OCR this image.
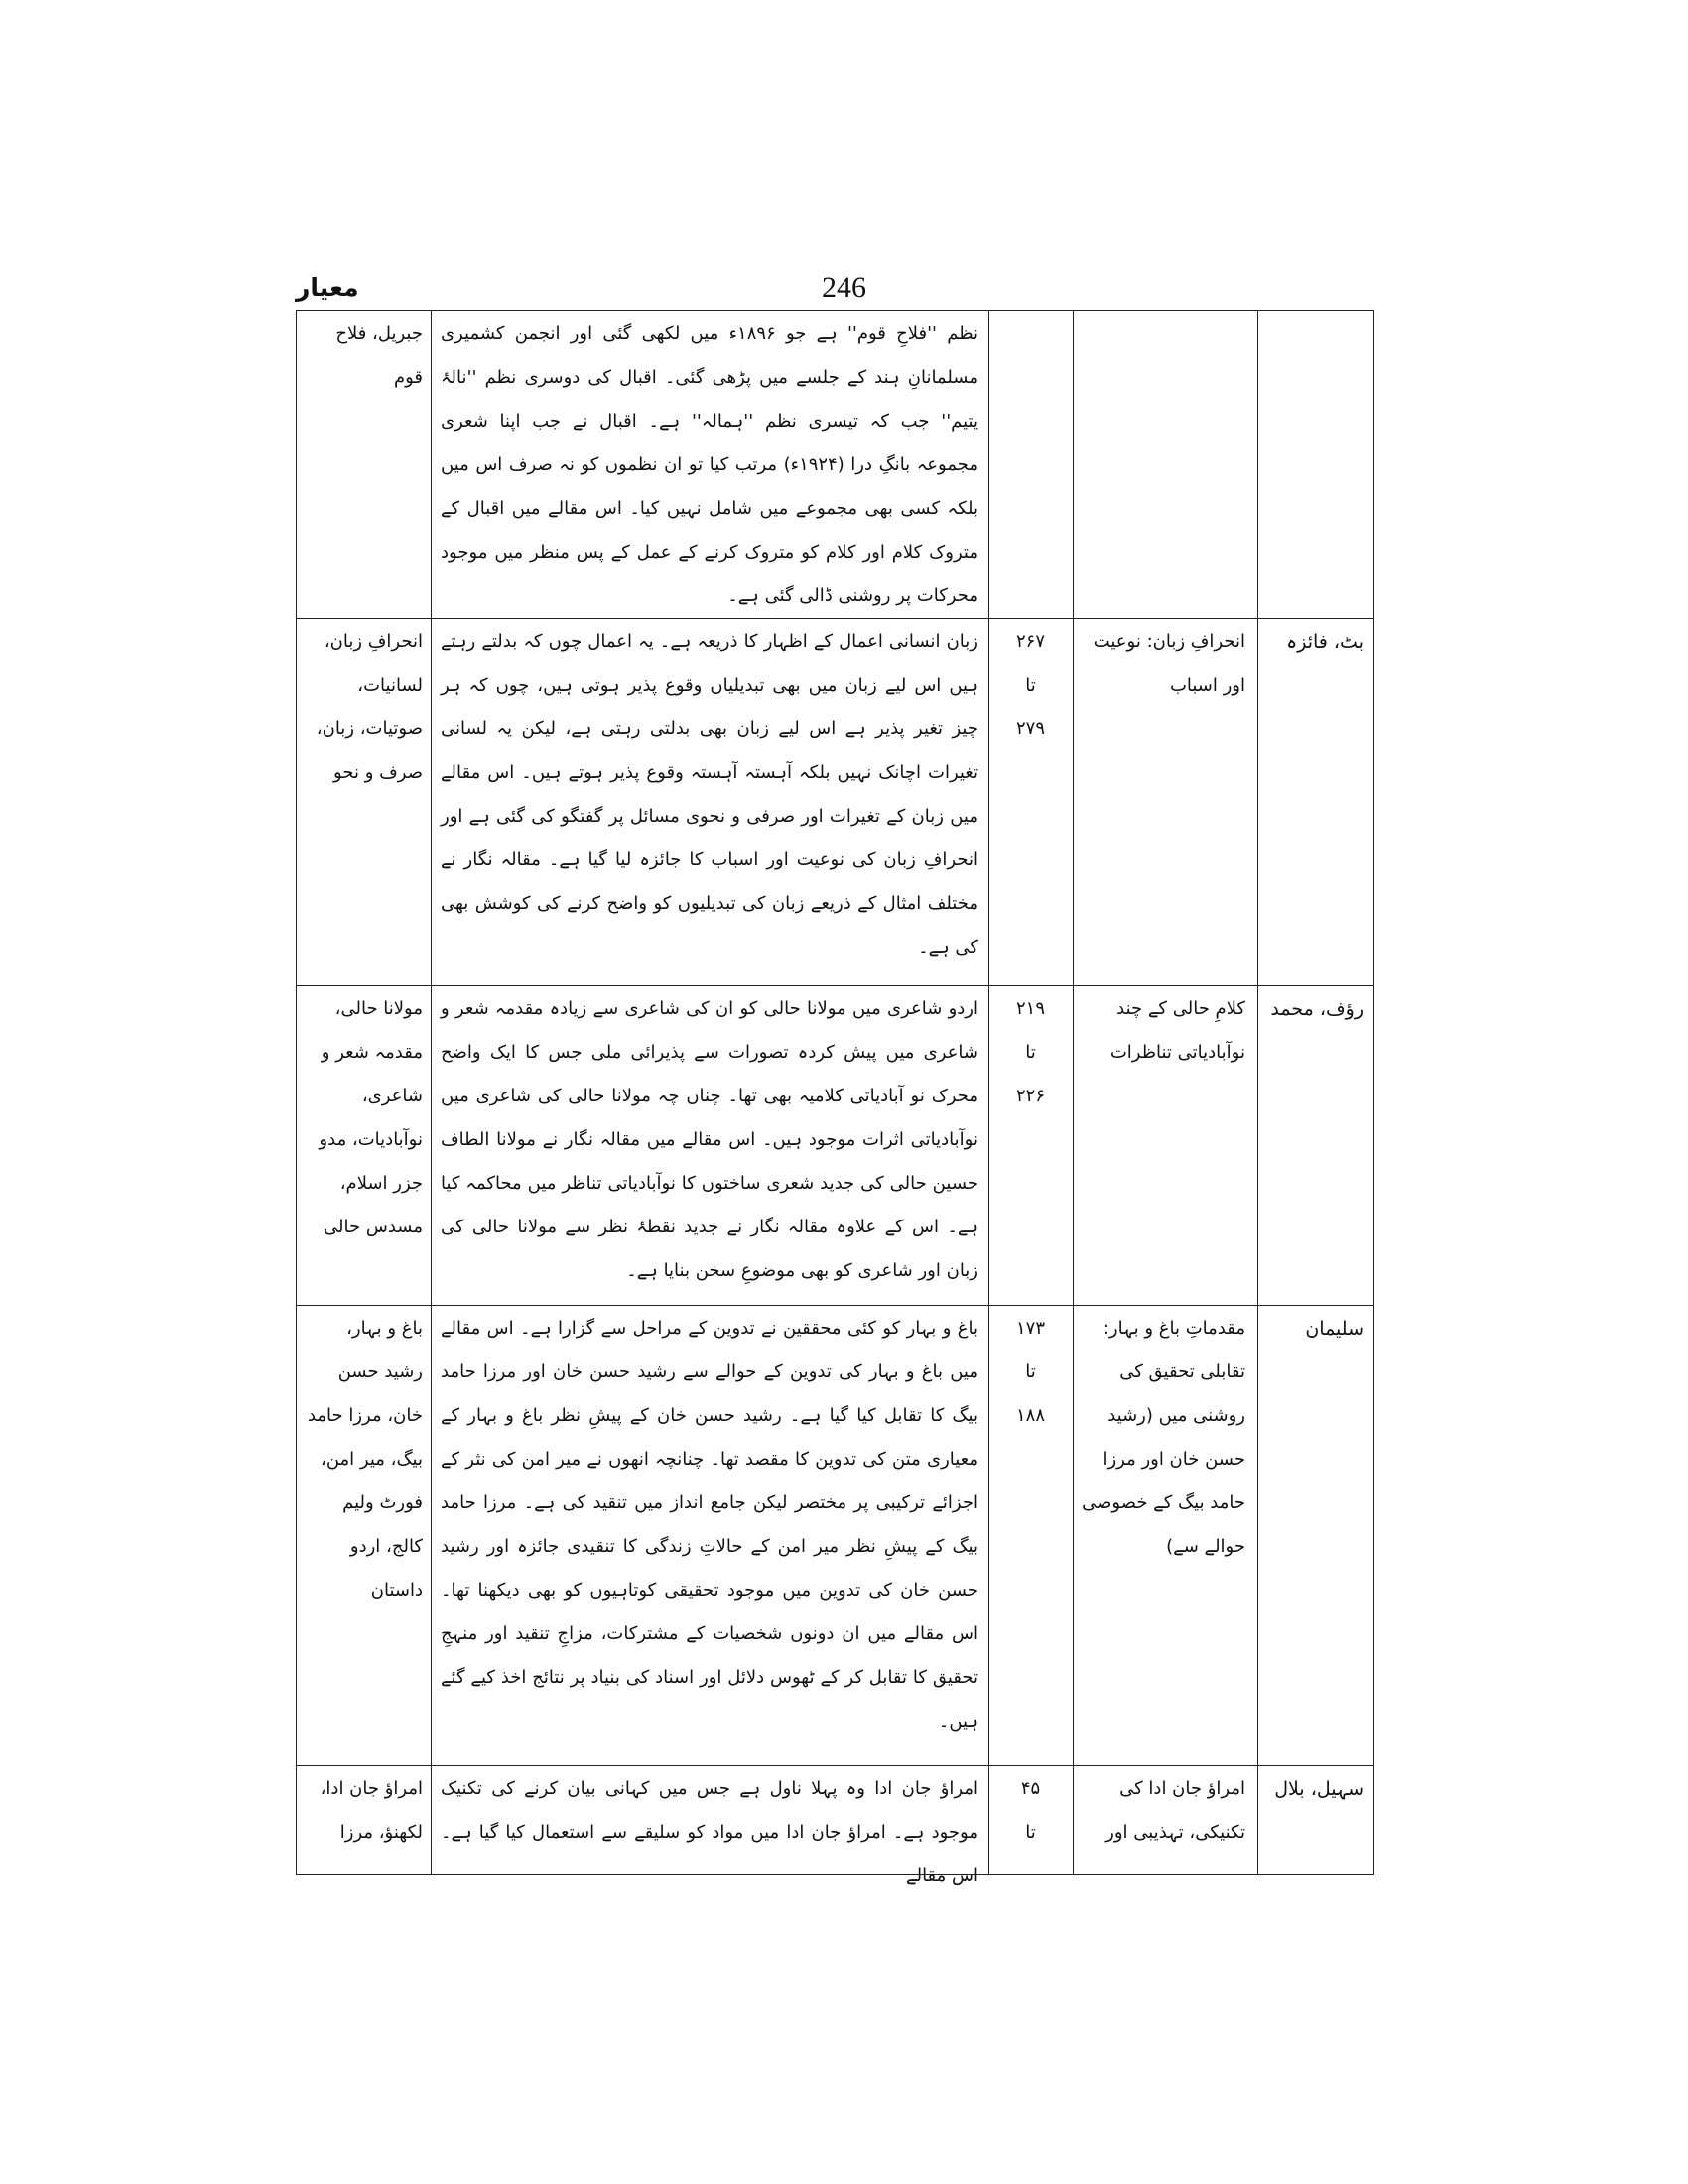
246
معیار
جبریل، فلاح قوم
نظم ''فلاحِ قوم'' ہے جو ۱۸۹۶ء میں لکھی گئی اور انجمن کشمیری مسلمانانِ ہند کے جلسے میں پڑھی گئی۔ اقبال کی دوسری نظم ''نالۂ یتیم'' جب کہ تیسری نظم ''ہمالہ'' ہے۔ اقبال نے جب اپنا شعری مجموعہ بانگِ درا (۱۹۲۴ء) مرتب کیا تو ان نظموں کو نہ صرف اس میں بلکہ کسی بھی مجموعے میں شامل نہیں کیا۔ اس مقالے میں اقبال کے متروک کلام اور کلام کو متروک کرنے کے عمل کے پس منظر میں موجود محرکات پر روشنی ڈالی گئی ہے۔
انحرافِ زبان، لسانیات، صوتیات، زبان، صرف و نحو
زبان انسانی اعمال کے اظہار کا ذریعہ ہے۔ یہ اعمال چوں کہ بدلتے رہتے ہیں اس لیے زبان میں بھی تبدیلیاں وقوع پذیر ہوتی ہیں، چوں کہ ہر چیز تغیر پذیر ہے اس لیے زبان بھی بدلتی رہتی ہے، لیکن یہ لسانی تغیرات اچانک نہیں بلکہ آہستہ آہستہ وقوع پذیر ہوتے ہیں۔ اس مقالے میں زبان کے تغیرات اور صرفی و نحوی مسائل پر گفتگو کی گئی ہے اور انحرافِ زبان کی نوعیت اور اسباب کا جائزہ لیا گیا ہے۔ مقالہ نگار نے مختلف امثال کے ذریعے زبان کی تبدیلیوں کو واضح کرنے کی کوشش بھی کی ہے۔
۲۶۷
تا
۲۷۹
انحرافِ زبان: نوعیت اور اسباب
بٹ، فائزہ
مولانا حالی، مقدمہ شعر و شاعری، نوآبادیات، مدو جزر اسلام، مسدس حالی
اردو شاعری میں مولانا حالی کو ان کی شاعری سے زیادہ مقدمہ شعر و شاعری میں پیش کردہ تصورات سے پذیرائی ملی جس کا ایک واضح محرک نو آبادیاتی کلامیہ بھی تھا۔ چناں چہ مولانا حالی کی شاعری میں نوآبادیاتی اثرات موجود ہیں۔ اس مقالے میں مقالہ نگار نے مولانا الطاف حسین حالی کی جدید شعری ساختوں کا نوآبادیاتی تناظر میں محاکمہ کیا ہے۔ اس کے علاوہ مقالہ نگار نے جدید نقطۂ نظر سے مولانا حالی کی زبان اور شاعری کو بھی موضوعِ سخن بنایا ہے۔
۲۱۹
تا
۲۲۶
کلامِ حالی کے چند نوآبادیاتی تناظرات
رؤف، محمد
باغ و بہار، رشید حسن خان، مرزا حامد بیگ، میر امن، فورٹ ولیم کالج، اردو داستان
باغ و بہار کو کئی محققین نے تدوین کے مراحل سے گزارا ہے۔ اس مقالے میں باغ و بہار کی تدوین کے حوالے سے رشید حسن خان اور مرزا حامد بیگ کا تقابل کیا گیا ہے۔ رشید حسن خان کے پیشِ نظر باغ و بہار کے معیاری متن کی تدوین کا مقصد تھا۔ چنانچہ انھوں نے میر امن کی نثر کے اجزائے ترکیبی پر مختصر لیکن جامع انداز میں تنقید کی ہے۔ مرزا حامد بیگ کے پیشِ نظر میر امن کے حالاتِ زندگی کا تنقیدی جائزہ اور رشید حسن خان کی تدوین میں موجود تحقیقی کوتاہیوں کو بھی دیکھنا تھا۔ اس مقالے میں ان دونوں شخصیات کے مشترکات، مزاجِ تنقید اور منہجِ تحقیق کا تقابل کر کے ٹھوس دلائل اور اسناد کی بنیاد پر نتائج اخذ کیے گئے ہیں۔
۱۷۳
تا
۱۸۸
مقدماتِ باغ و بہار: تقابلی تحقیق کی روشنی میں (رشید حسن خان اور مرزا حامد بیگ کے خصوصی حوالے سے)
سلیمان
امراؤ جان ادا، لکھنؤ، مرزا
امراؤ جان ادا وہ پہلا ناول ہے جس میں کہانی بیان کرنے کی تکنیک موجود ہے۔ امراؤ جان ادا میں مواد کو سلیقے سے استعمال کیا گیا ہے۔ اس مقالے
۴۵
تا
امراؤ جان ادا کی تکنیکی، تہذیبی اور
سہیل، بلال
